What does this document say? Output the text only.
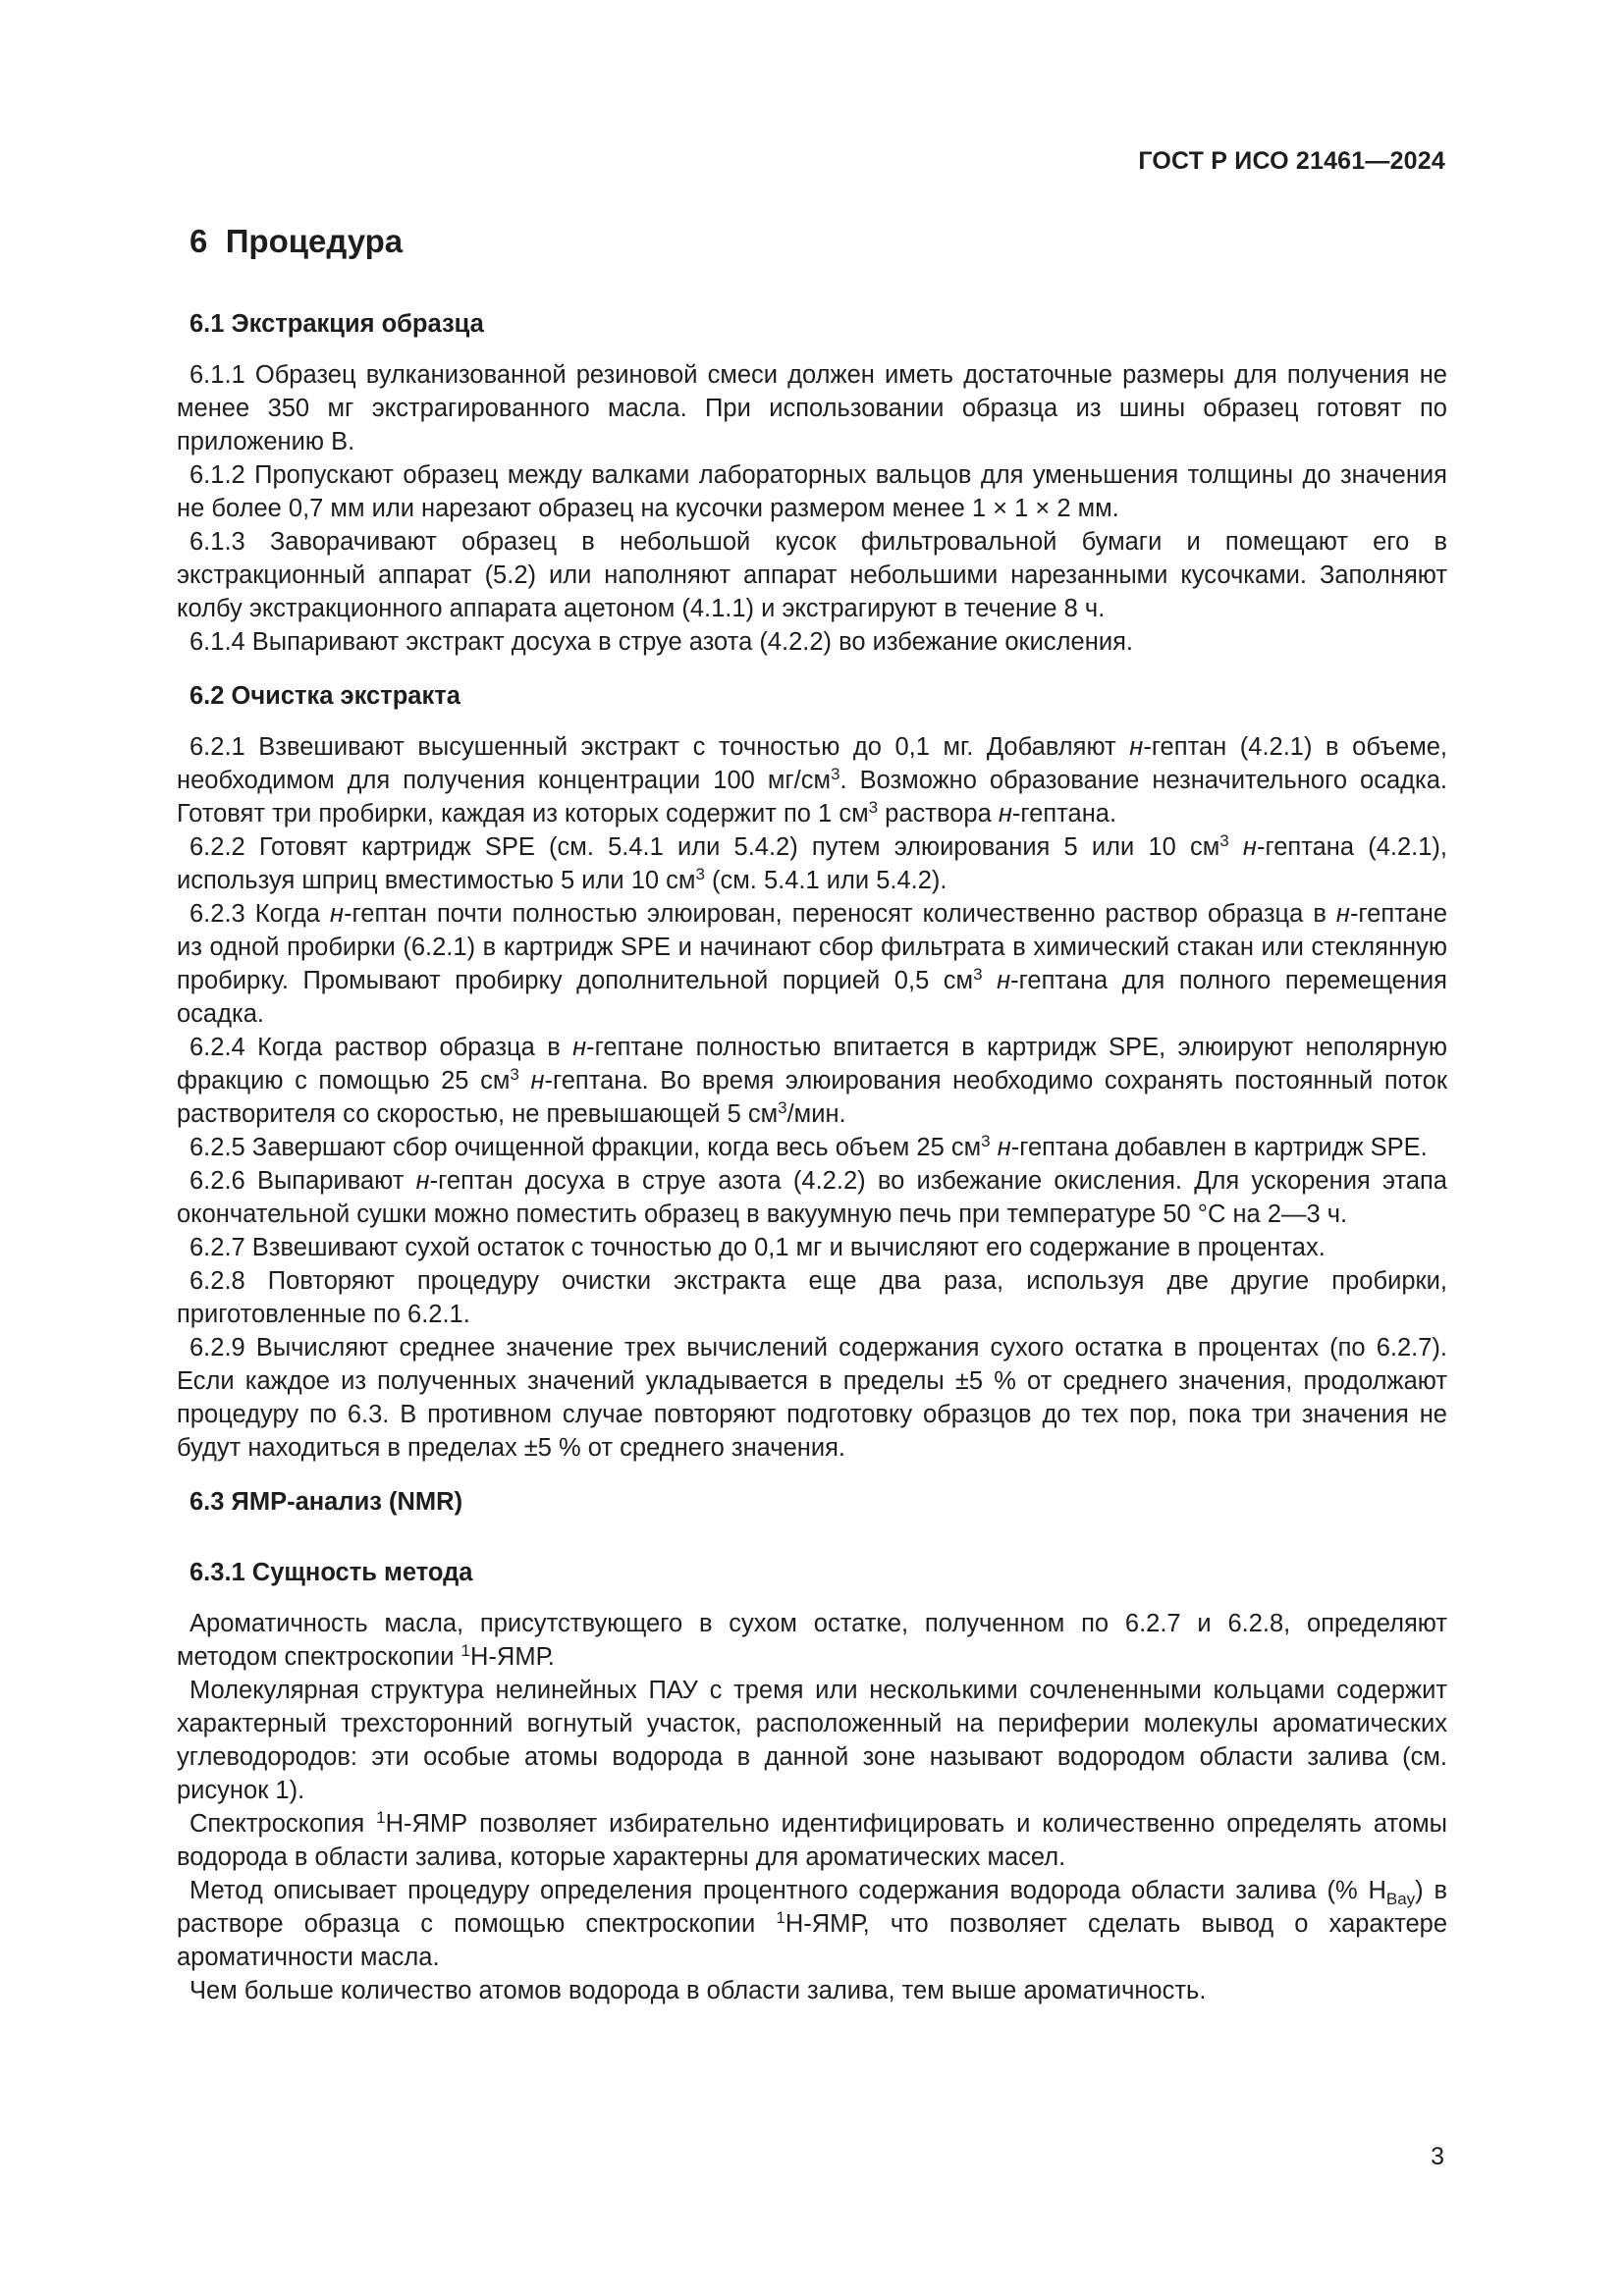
ГОСТ Р ИСО 21461—2024
6 Процедура
6.1 Экстракция образца

6.1.1 Образец вулканизованной резиновой смеси должен иметь достаточные размеры для получения не менее 350 мг экстрагированного масла. При использовании образца из шины образец готовят по приложению В.

6.1.2 Пропускают образец между валками лабораторных вальцов для уменьшения толщины до значения не более 0,7 мм или нарезают образец на кусочки размером менее 1 × 1 × 2 мм.

6.1.3 Заворачивают образец в небольшой кусок фильтровальной бумаги и помещают его в экстракционный аппарат (5.2) или наполняют аппарат небольшими нарезанными кусочками. Заполняют колбу экстракционного аппарата ацетоном (4.1.1) и экстрагируют в течение 8 ч.

6.1.4 Выпаривают экстракт досуха в струе азота (4.2.2) во избежание окисления.

6.2 Очистка экстракта

6.2.1 Взвешивают высушенный экстракт с точностью до 0,1 мг. Добавляют н-гептан (4.2.1) в объеме, необходимом для получения концентрации 100 $мг/см^3$. Возможно образование незначительного осадка. Готовят три пробирки, каждая из которых содержит по 1 $см^3$ раствора н-гептана.

6.2.2 Готовят картридж SPE (см. 5.4.1 или 5.4.2) путем элюирования 5 или 10 $см^3$ н-гептана (4.2.1), используя шприц вместимостью 5 или 10 $см^3$ (см. 5.4.1 или 5.4.2).

6.2.3 Когда н-гептан почти полностью элюирован, переносят количественно раствор образца в н-гептане из одной пробирки (6.2.1) в картридж SPE и начинают сбор фильтрата в химический стакан или стеклянную пробирку. Промывают пробирку дополнительной порцией 0,5 $см^3$ н-гептана для полного перемещения осадка.

6.2.4 Когда раствор образца в н-гептане полностью впитается в картридж SPE, элюируют неполярную фракцию с помощью 25 $см^3$ н-гептана. Во время элюирования необходимо сохранять постоянный поток растворителя со скоростью, не превышающей 5 $см^3$/мин.

6.2.5 Завершают сбор очищенной фракции, когда весь объем 25 $см^3$ н-гептана добавлен в картридж SPE.

6.2.6 Выпаривают н-гептан досуха в струе азота (4.2.2) во избежание окисления. Для ускорения этапа окончательной сушки можно поместить образец в вакуумную печь при температуре 50 °С на 2—3 ч.

6.2.7 Взвешивают сухой остаток с точностью до 0,1 мг и вычисляют его содержание в процентах.

6.2.8 Повторяют процедуру очистки экстракта еще два раза, используя две другие пробирки, приготовленные по 6.2.1.

6.2.9 Вычисляют среднее значение трех вычислений содержания сухого остатка в процентах (по 6.2.7). Если каждое из полученных значений укладывается в пределы ±5 % от среднего значения, продолжают процедуру по 6.3. В противном случае повторяют подготовку образцов до тех пор, пока три значения не будут находиться в пределах ±5 % от среднего значения.

6.3 ЯМР-анализ (NMR)
6.3.1 Сущность метода

Ароматичность масла, присутствующего в сухом остатке, полученном по 6.2.7 и 6.2.8, определяют методом спектроскопии $^1$Н-ЯМР.

Молекулярная структура нелинейных ПАУ с тремя или несколькими сочлененными кольцами содержит характерный трехсторонний вогнутый участок, расположенный на периферии молекулы ароматических углеводородов: эти особые атомы водорода в данной зоне называют водородом области залива (см. рисунок 1).

Спектроскопия $^1$Н-ЯМР позволяет избирательно идентифицировать и количественно определять атомы водорода в области залива, которые характерны для ароматических масел.

Метод описывает процедуру определения процентного содержания водорода области залива (% $Н_{Bay}$) в растворе образца с помощью спектроскопии $^1$Н-ЯМР, что позволяет сделать вывод о характере ароматичности масла.

Чем больше количество атомов водорода в области залива, тем выше ароматичность.

3
